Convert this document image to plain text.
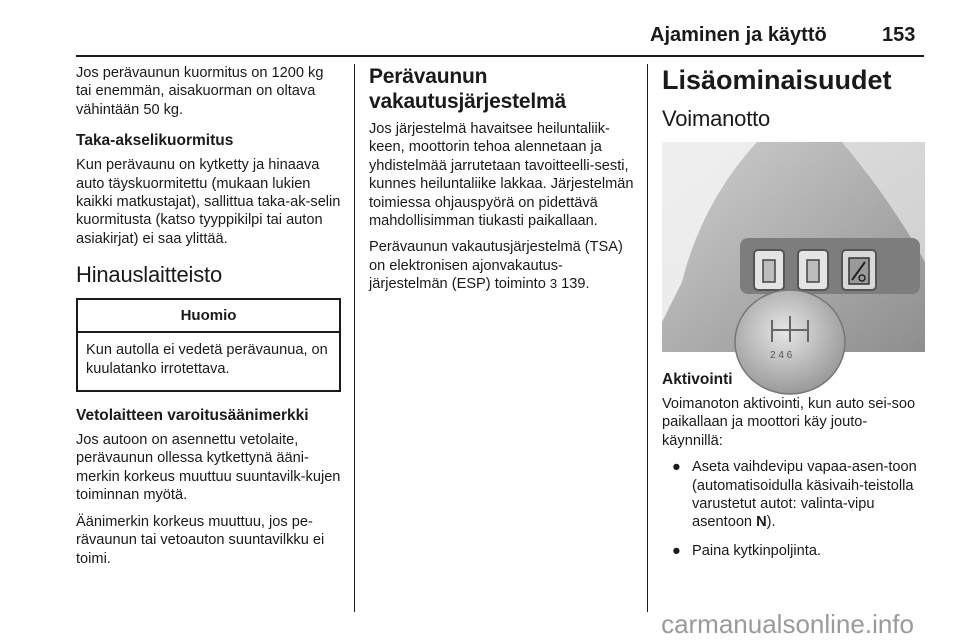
Ajaminen ja käyttö	153

Jos perävaunun kuormitus on 1200 kg tai enemmän, aisakuorman on oltava vähintään 50 kg.

Taka-akselikuormitus

Kun perävaunu on kytketty ja hinaava auto täyskuormitettu (mukaan lukien kaikki matkustajat), sallittua taka-ak-selin kuormitusta (katso tyyppikilpi tai auton asiakirjat) ei saa ylittää.

Hinauslaitteisto
Huomio

Kun autolla ei vedetä perävaunua, on kuulatanko irrotettava.

Vetolaitteen varoitusäänimerkki

Jos autoon on asennettu vetolaite, perävaunun ollessa kytkettynä ääni-merkin korkeus muuttuu suuntavilk-kujen toiminnan myötä.

Äänimerkin korkeus muuttuu, jos pe-rävaunun tai vetoauton suuntavilkku ei toimi.

Perävaunun vakautusjärjestelmä

Jos järjestelmä havaitsee heiluntaliik-keen, moottorin tehoa alennetaan ja yhdistelmää jarrutetaan tavoitteelli-sesti, kunnes heiluntaliike lakkaa. Järjestelmän toimiessa ohjauspyörä on pidettävä mahdollisimman tiukasti paikallaan.

Perävaunun vakautusjärjestelmä (TSA) on elektronisen ajonvakautus-järjestelmän (ESP) toiminto 3 139.

Lisäominaisuudet
Voimanotto
2 4 6
Aktivointi

Voimanoton aktivointi, kun auto sei-soo paikallaan ja moottori käy jouto-käynnillä:

● Aseta vaihdevipu vapaa-asen-toon (automatisoidulla käsivaih-teistolla varustetut autot: valinta-vipu asentoon N).
● Paina kytkinpoljinta.
carmanualsonline.info
